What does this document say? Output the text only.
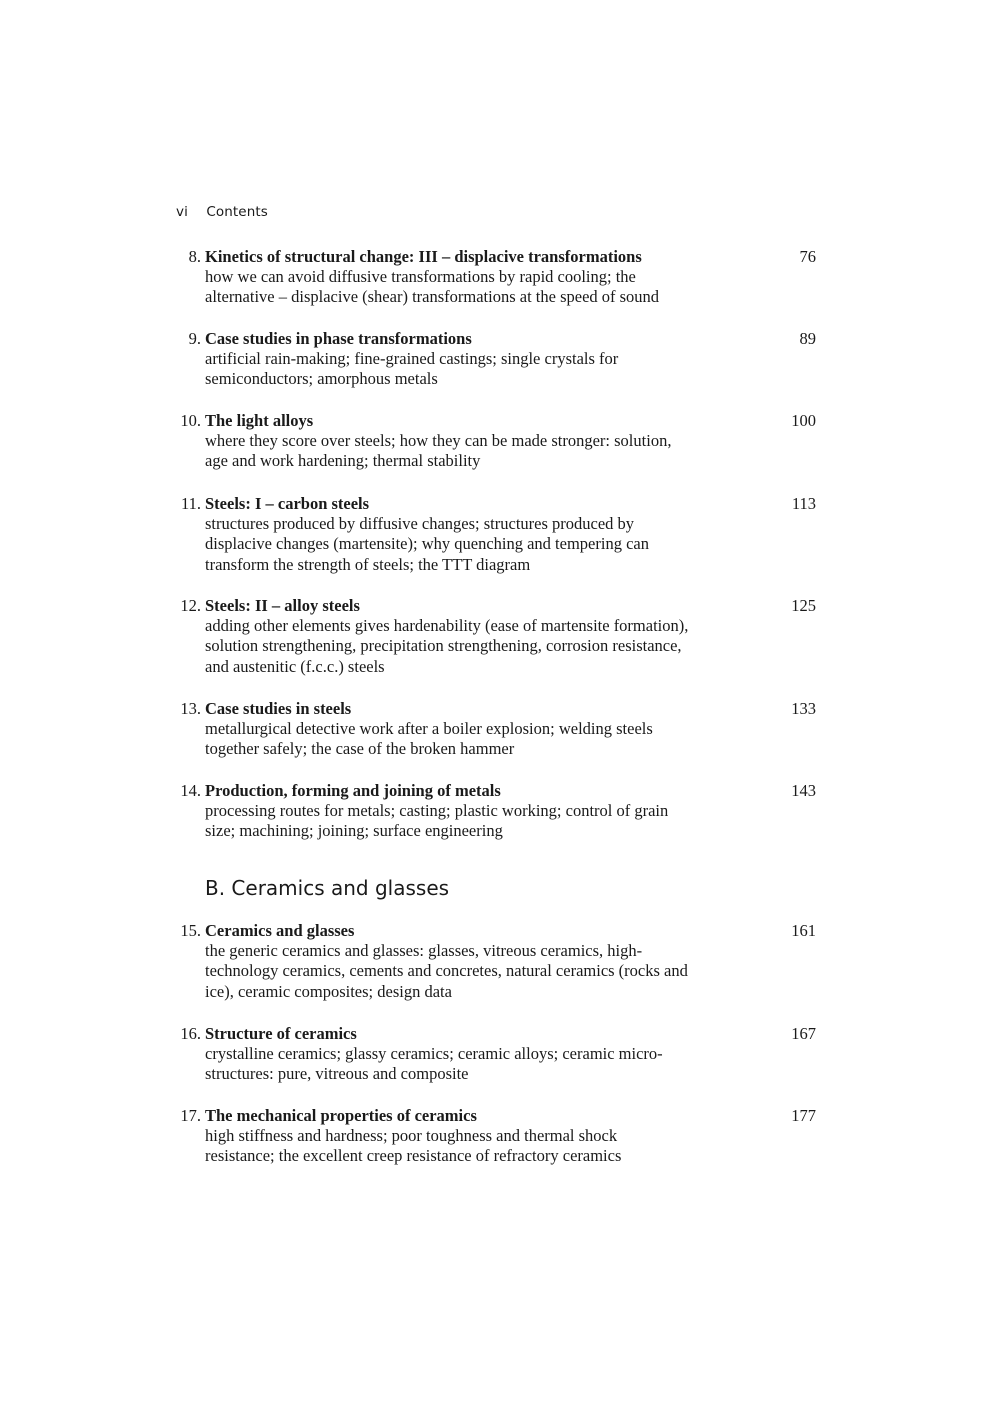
vi Contents
8. Kinetics of structural change: III – displacive transformations	76
how we can avoid diffusive transformations by rapid cooling; the
alternative – displacive (shear) transformations at the speed of sound
9. Case studies in phase transformations	89
artificial rain-making; fine-grained castings; single crystals for
semiconductors; amorphous metals
10. The light alloys	100
where they score over steels; how they can be made stronger: solution,
age and work hardening; thermal stability
11. Steels: I – carbon steels	113
structures produced by diffusive changes; structures produced by
displacive changes (martensite); why quenching and tempering can
transform the strength of steels; the TTT diagram
12. Steels: II – alloy steels	125
adding other elements gives hardenability (ease of martensite formation),
solution strengthening, precipitation strengthening, corrosion resistance,
and austenitic (f.c.c.) steels
13. Case studies in steels	133
metallurgical detective work after a boiler explosion; welding steels
together safely; the case of the broken hammer
14. Production, forming and joining of metals	143
processing routes for metals; casting; plastic working; control of grain
size; machining; joining; surface engineering
B. Ceramics and glasses
15. Ceramics and glasses	161
the generic ceramics and glasses: glasses, vitreous ceramics, high-
technology ceramics, cements and concretes, natural ceramics (rocks and
ice), ceramic composites; design data
16. Structure of ceramics	167
crystalline ceramics; glassy ceramics; ceramic alloys; ceramic micro-
structures: pure, vitreous and composite
17. The mechanical properties of ceramics	177
high stiffness and hardness; poor toughness and thermal shock
resistance; the excellent creep resistance of refractory ceramics
